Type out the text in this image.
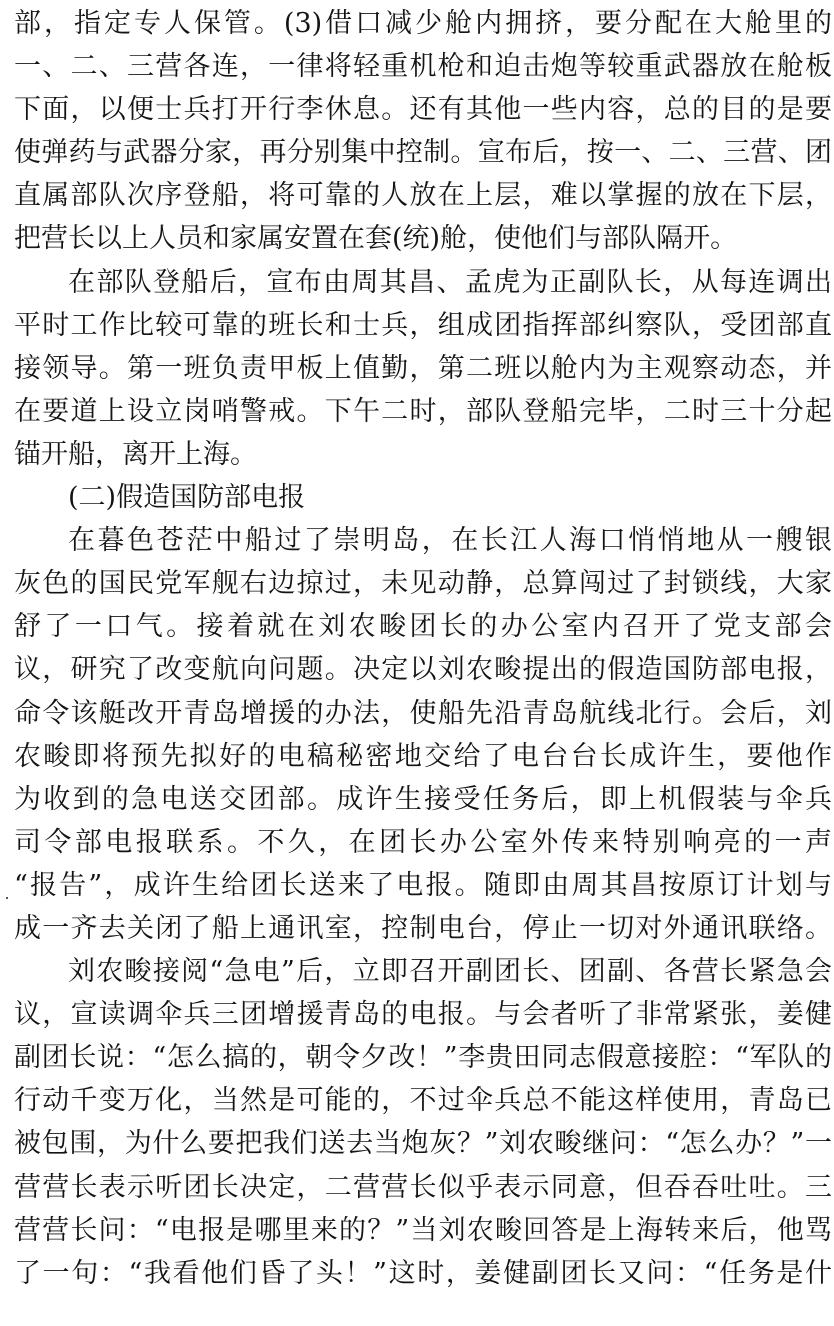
部，指定专人保管。(3)借口减少舱内拥挤，要分配在大舱里的
一、二、三营各连，一律将轻重机枪和迫击炮等较重武器放在舱板
下面，以便士兵打开行李休息。还有其他一些内容，总的目的是要
使弹药与武器分家，再分别集中控制。宣布后，按一、二、三营、团
直属部队次序登船，将可靠的人放在上层，难以掌握的放在下层，
把营长以上人员和家属安置在套(统)舱，使他们与部队隔开。
在部队登船后，宣布由周其昌、孟虎为正副队长，从每连调出
平时工作比较可靠的班长和士兵，组成团指挥部纠察队，受团部直
接领导。第一班负责甲板上值勤，第二班以舱内为主观察动态，并
在要道上设立岗哨警戒。下午二时，部队登船完毕，二时三十分起
锚开船，离开上海。
(二)假造国防部电报
在暮色苍茫中船过了崇明岛，在长江人海口悄悄地从一艘银
灰色的国民党军舰右边掠过，未见动静，总算闯过了封锁线，大家
舒了一口气。接着就在刘农畯团长的办公室内召开了党支部会
议，研究了改变航向问题。决定以刘农畯提出的假造国防部电报，
命令该艇改开青岛增援的办法，使船先沿青岛航线北行。会后，刘
农畯即将预先拟好的电稿秘密地交给了电台台长成许生，要他作
为收到的急电送交团部。成许生接受任务后，即上机假装与伞兵
司令部电报联系。不久，在团长办公室外传来特别响亮的一声
“报告”，成许生给团长送来了电报。随即由周其昌按原订计划与
成一齐去关闭了船上通讯室，控制电台，停止一切对外通讯联络。
刘农畯接阅“急电”后，立即召开副团长、团副、各营长紧急会
议，宣读调伞兵三团增援青岛的电报。与会者听了非常紧张，姜健
副团长说：“怎么搞的，朝令夕改！”李贵田同志假意接腔：“军队的
行动千变万化，当然是可能的，不过伞兵总不能这样使用，青岛已
被包围，为什么要把我们送去当炮灰？”刘农畯继问：“怎么办？”一
营营长表示听团长决定，二营营长似乎表示同意，但吞吞吐吐。三
营营长问：“电报是哪里来的？”当刘农畯回答是上海转来后，他骂
了一句：“我看他们昏了头！”这时，姜健副团长又问：“任务是什
